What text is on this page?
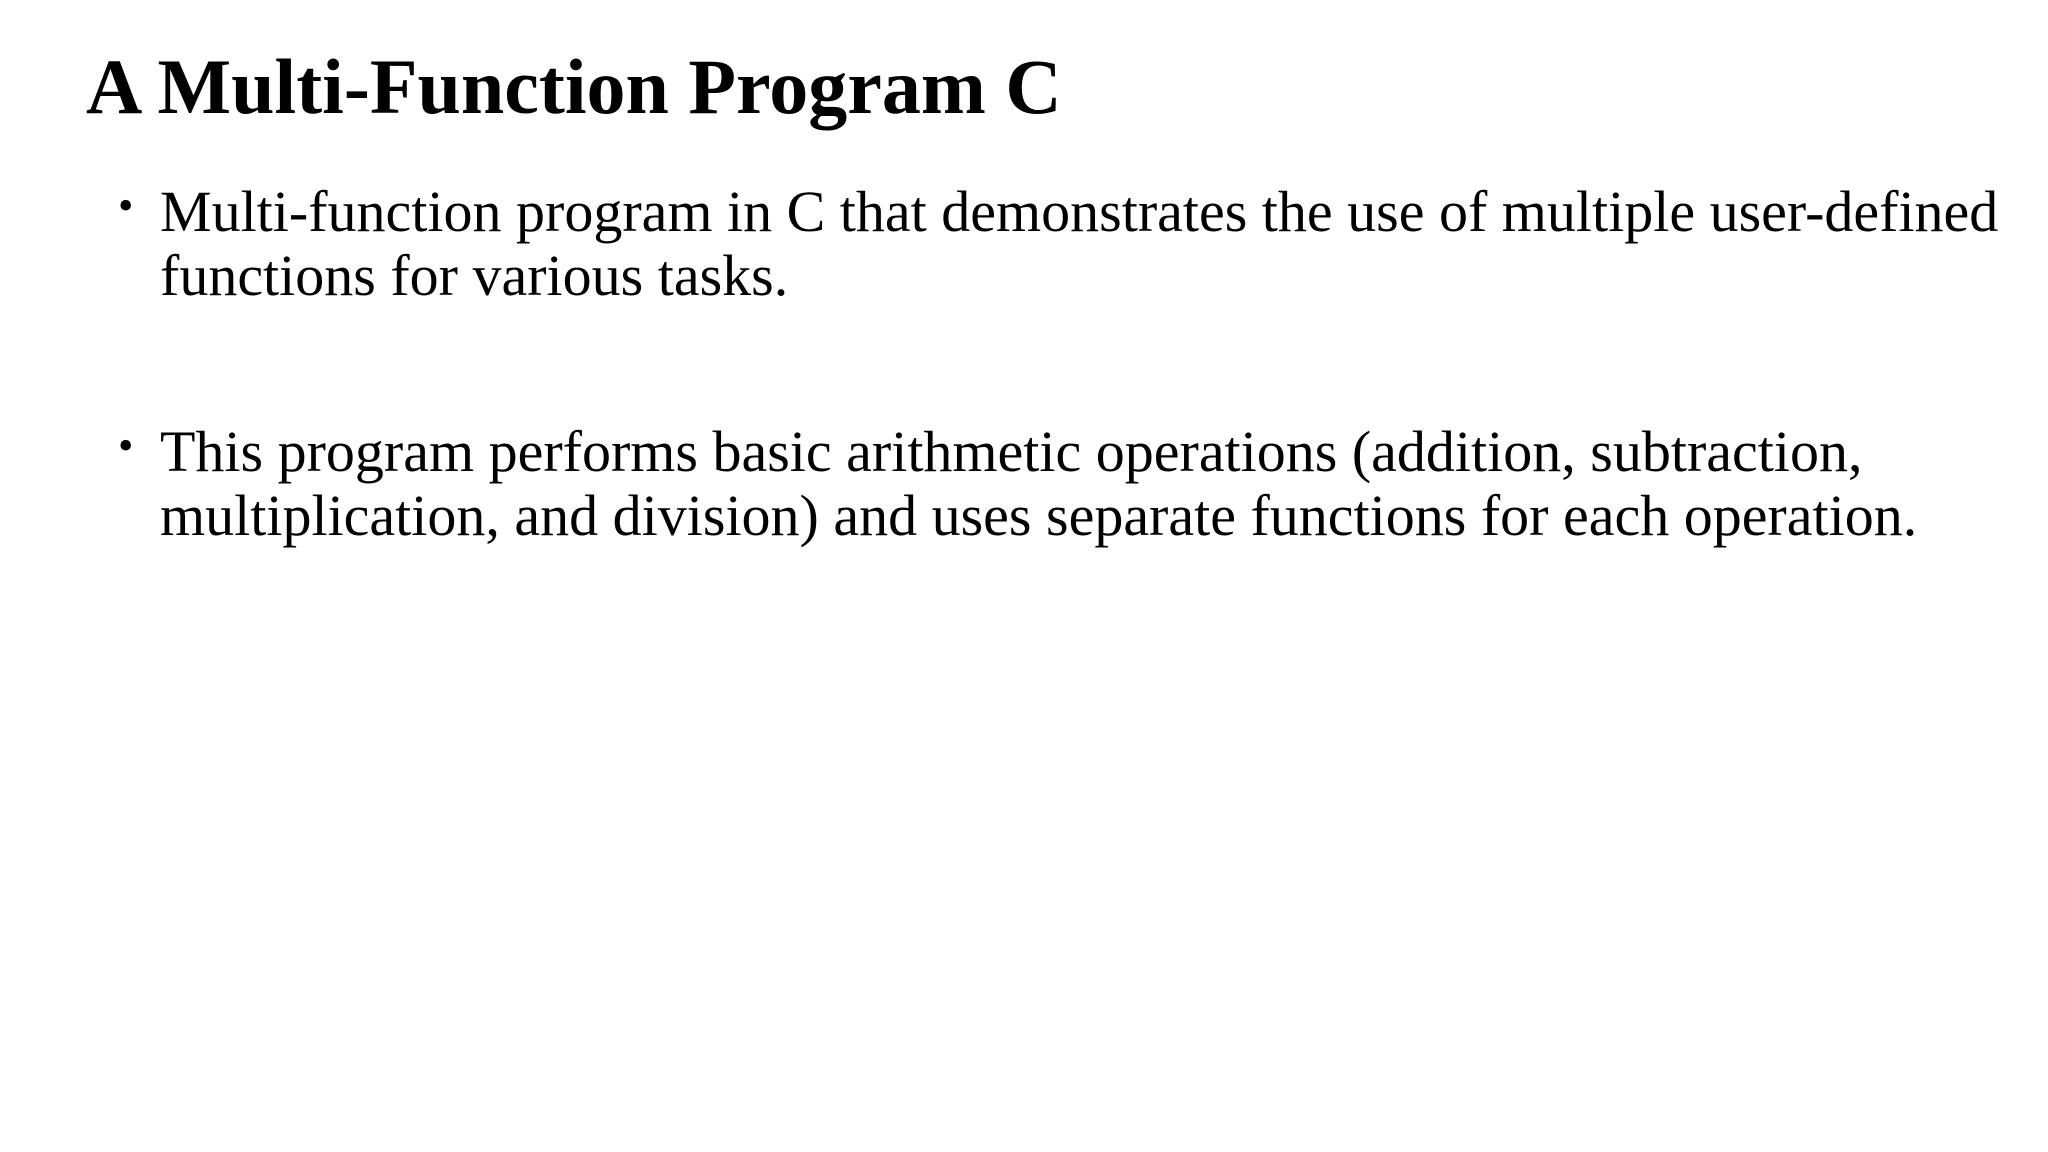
A Multi-Function Program C
• Multi-function program in C that demonstrates the use of multiple user-defined functions for various tasks.
• This program performs basic arithmetic operations (addition, subtraction, multiplication, and division) and uses separate functions for each operation.
